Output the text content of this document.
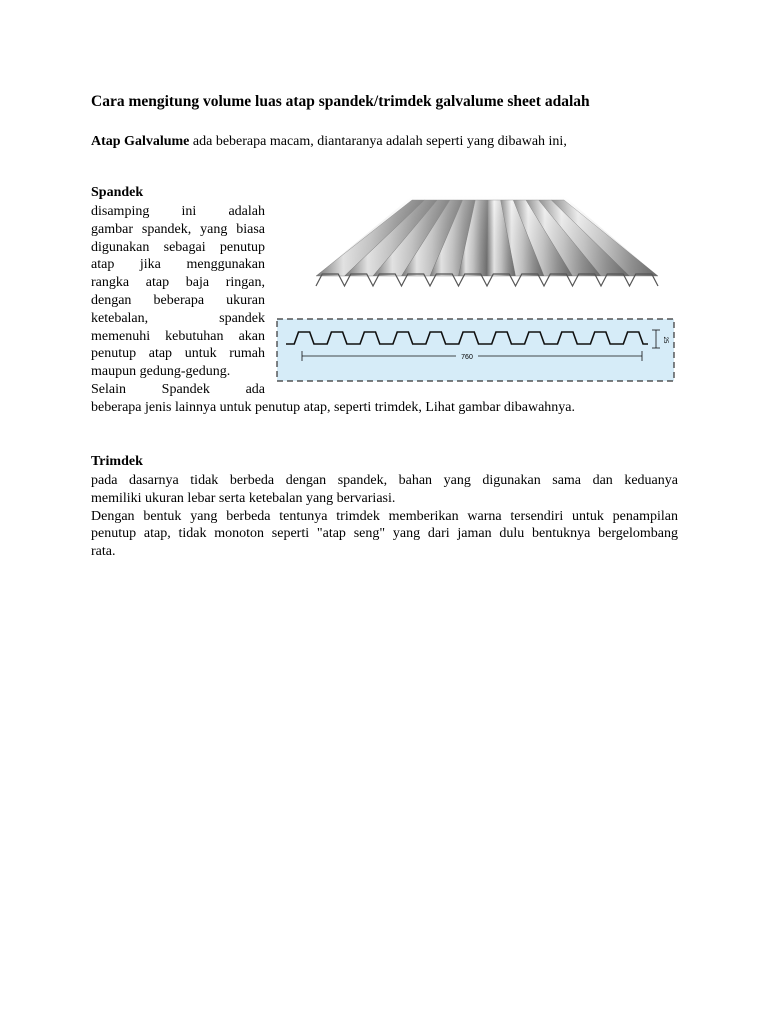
Cara mengitung volume luas atap spandek/trimdek galvalume sheet adalah

Atap Galvalume ada beberapa macam, diantaranya adalah seperti yang dibawah ini,

Spandek

disamping ini adalah
gambar spandek, yang biasa
digunakan sebagai penutup
atap jika menggunakan
rangka atap baja ringan,
dengan beberapa ukuran
ketebalan, spandek
memenuhi kebutuhan akan
penutup atap untuk rumah
maupun gedung-gedung.
Selain Spandek ada

beberapa jenis lainnya untuk penutup atap, seperti trimdek, Lihat gambar dibawahnya.

760
25

Trimdek

pada dasarnya tidak berbeda dengan spandek, bahan yang digunakan sama dan keduanya
memiliki ukuran lebar serta ketebalan yang bervariasi.
Dengan bentuk yang berbeda tentunya trimdek memberikan warna tersendiri untuk penampilan
penutup atap, tidak monoton seperti "atap seng" yang dari jaman dulu bentuknya bergelombang
rata.
